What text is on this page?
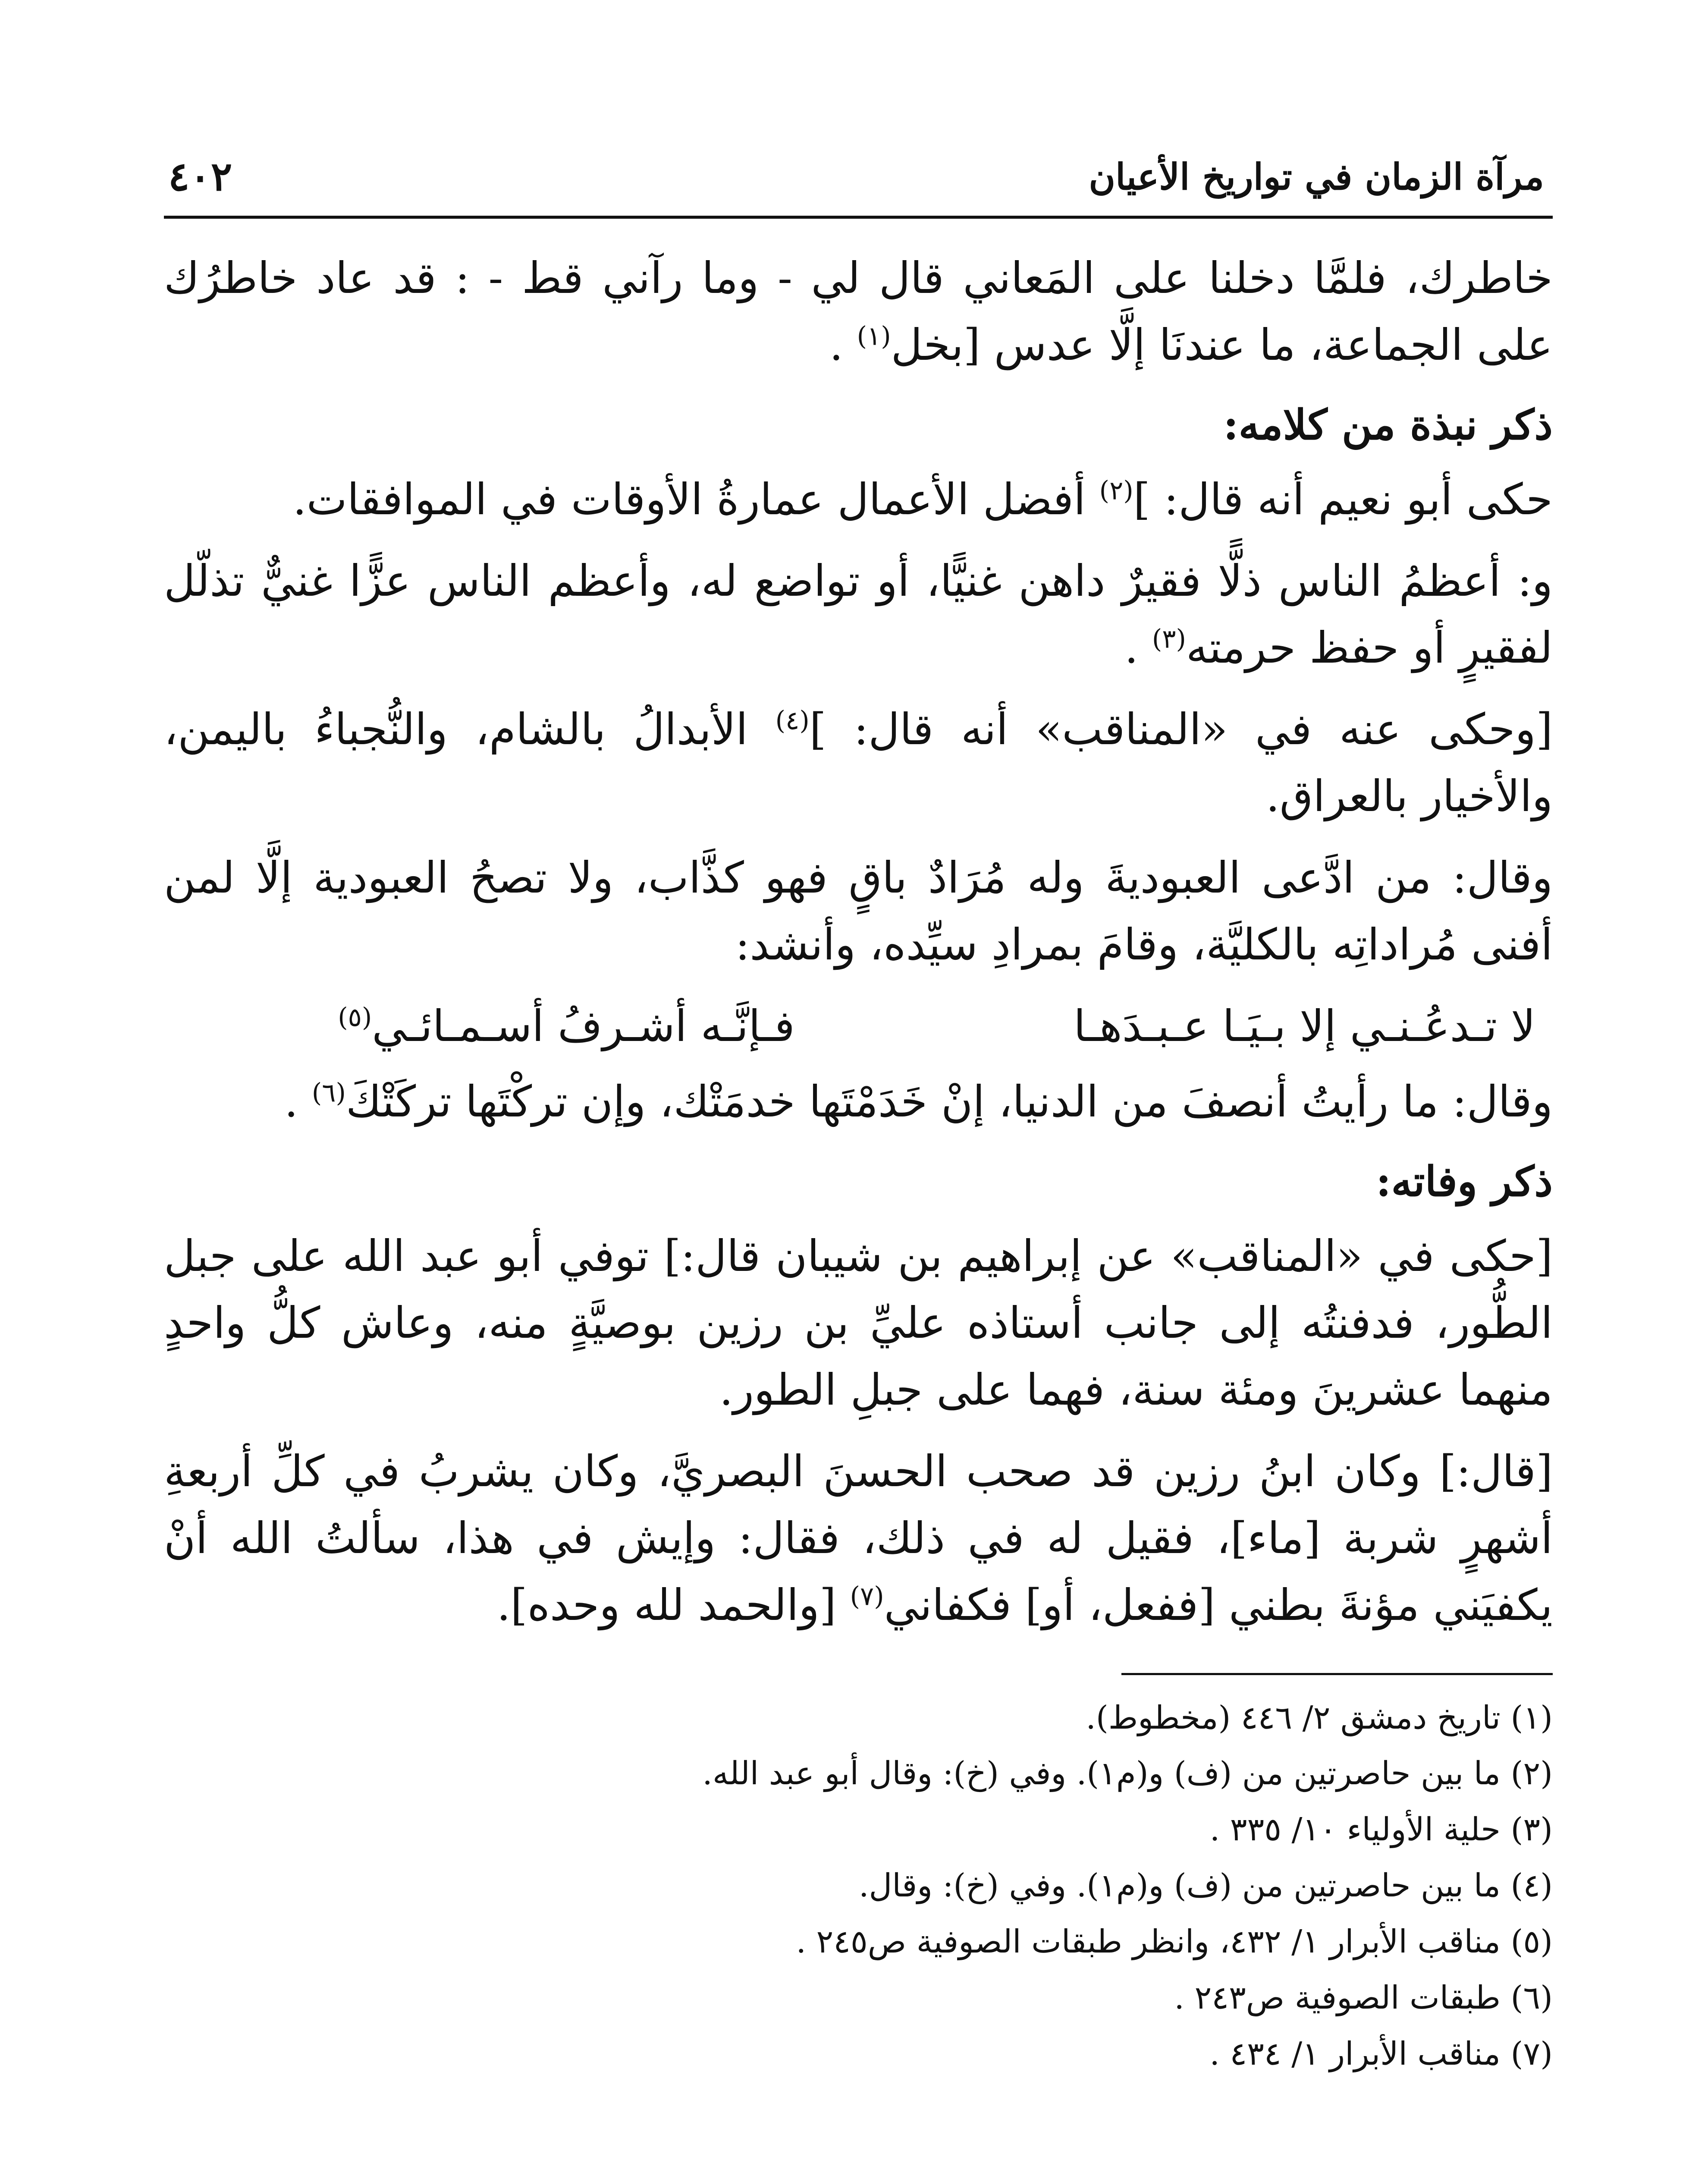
مرآة الزمان في تواريخ الأعيان
٤٠٢

خاطرك، فلمَّا دخلنا على المَعاني قال لي - وما رآني قط - : قد عاد خاطرُك على الجماعة، ما عندنَا إلَّا عدس [بخل$^{(١)}$ .

ذكر نبذة من كلامه:

حكى أبو نعيم أنه قال: ]$^{(٢)}$ أفضل الأعمال عمارةُ الأوقات في الموافقات.

و: أعظمُ الناس ذلًّا فقيرٌ داهن غنيًّا، أو تواضع له، وأعظم الناس عزًّا غنيٌّ تذلّل لفقيرٍ أو حفظ حرمته$^{(٣)}$ .

[وحكى عنه في «المناقب» أنه قال: ]$^{(٤)}$ الأبدالُ بالشام، والنُّجباءُ باليمن، والأخيار بالعراق.

وقال: من ادَّعى العبوديةَ وله مُرَادٌ باقٍ فهو كذَّاب، ولا تصحُ العبودية إلَّا لمن أفنى مُراداتِه بالكليَّة، وقامَ بمرادِ سيِّده، وأنشد:

لا تـدعُـنـي إلا بـيَـا عـبـدَهـا
فـإنَّـه أشـرفُ أسـمـائـي$^{(٥)}$

وقال: ما رأيتُ أنصفَ من الدنيا، إنْ خَدَمْتَها خدمَتْك، وإن تركْتَها تركَتْكَ$^{(٦)}$ .

ذكر وفاته:

[حكى في «المناقب» عن إبراهيم بن شيبان قال:] توفي أبو عبد الله على جبل الطُّور، فدفنتُه إلى جانب أستاذه عليِّ بن رزين بوصيَّةٍ منه، وعاش كلُّ واحدٍ منهما عشرينَ ومئة سنة، فهما على جبلِ الطور.

[قال:] وكان ابنُ رزين قد صحب الحسنَ البصريَّ، وكان يشربُ في كلِّ أربعةِ أشهرٍ شربة [ماء]، فقيل له في ذلك، فقال: وإيش في هذا، سألتُ الله أنْ يكفيَني مؤنةَ بطني [ففعل، أو] فكفاني$^{(٧)}$ [والحمد لله وحده].

(١) تاريخ دمشق ٢/ ٤٤٦ (مخطوط).

(٢) ما بين حاصرتين من (ف) و(م١). وفي (خ): وقال أبو عبد الله.

(٣) حلية الأولياء ١٠/ ٣٣٥ .

(٤) ما بين حاصرتين من (ف) و(م١). وفي (خ): وقال.

(٥) مناقب الأبرار ١/ ٤٣٢، وانظر طبقات الصوفية ص٢٤٥ .

(٦) طبقات الصوفية ص٢٤٣ .

(٧) مناقب الأبرار ١/ ٤٣٤ .
